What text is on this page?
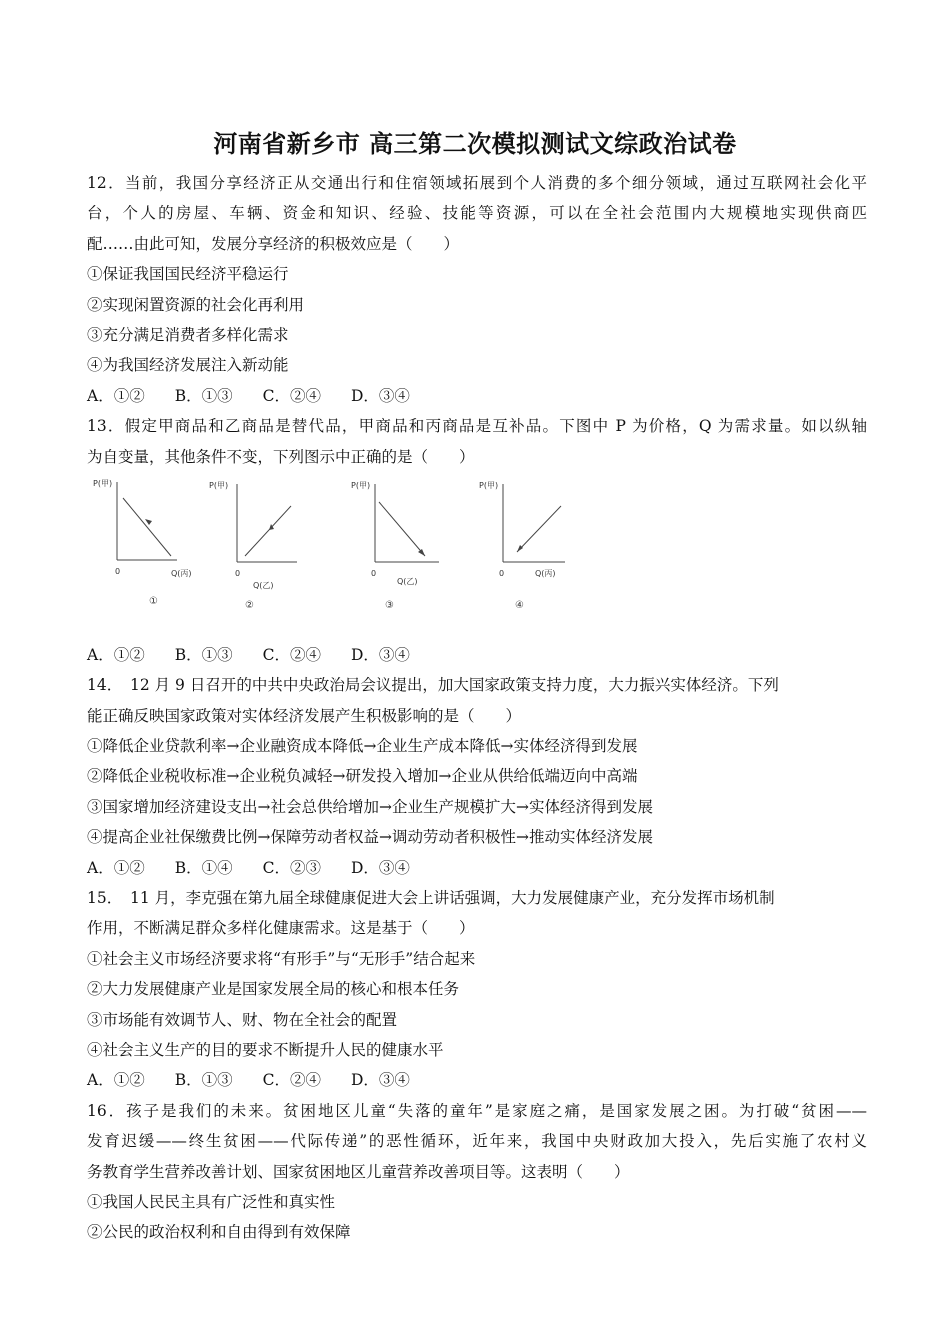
河南省新乡市 高三第二次模拟测试文综政治试卷
12．当前，我国分享经济正从交通出行和住宿领域拓展到个人消费的多个细分领域，通过互联网社会化平
台，个人的房屋、车辆、资金和知识、经验、技能等资源，可以在全社会范围内大规模地实现供商匹
配……由此可知，发展分享经济的积极效应是（　　）
①保证我国国民经济平稳运行
②实现闲置资源的社会化再利用
③充分满足消费者多样化需求
④为我国经济发展注入新动能
A．①② B．①③ C．②④ D．③④
13．假定甲商品和乙商品是替代品，甲商品和丙商品是互补品。下图中 P 为价格，Q 为需求量。如以纵轴
为自变量，其他条件不变，下列图示中正确的是（　　）
P(甲)
0	Q(丙)
①
P(甲)
0
Q(乙)
②
P(甲)
0
Q(乙)
③
P(甲)
0	Q(丙)
④
A．①② B．①③ C．②④ D．③④
14．　12 月 9 日召开的中共中央政治局会议提出，加大国家政策支持力度，大力振兴实体经济。下列
能正确反映国家政策对实体经济发展产生积极影响的是（　　）
①降低企业贷款利率→企业融资成本降低→企业生产成本降低→实体经济得到发展
②降低企业税收标准→企业税负减轻→研发投入增加→企业从供给低端迈向中高端
③国家增加经济建设支出→社会总供给增加→企业生产规模扩大→实体经济得到发展
④提高企业社保缴费比例→保障劳动者权益→调动劳动者积极性→推动实体经济发展
A．①② B．①④ C．②③ D．③④
15．　11 月，李克强在第九届全球健康促进大会上讲话强调，大力发展健康产业，充分发挥市场机制
作用，不断满足群众多样化健康需求。这是基于（　　）
①社会主义市场经济要求将“有形手”与“无形手”结合起来
②大力发展健康产业是国家发展全局的核心和根本任务
③市场能有效调节人、财、物在全社会的配置
④社会主义生产的目的要求不断提升人民的健康水平
A．①② B．①③ C．②④ D．③④
16．孩子是我们的未来。贫困地区儿童“失落的童年”是家庭之痛，是国家发展之困。为打破“贫困——
发育迟缓——终生贫困——代际传递”的恶性循环，近年来，我国中央财政加大投入，先后实施了农村义
务教育学生营养改善计划、国家贫困地区儿童营养改善项目等。这表明（　　）
①我国人民民主具有广泛性和真实性
②公民的政治权利和自由得到有效保障
